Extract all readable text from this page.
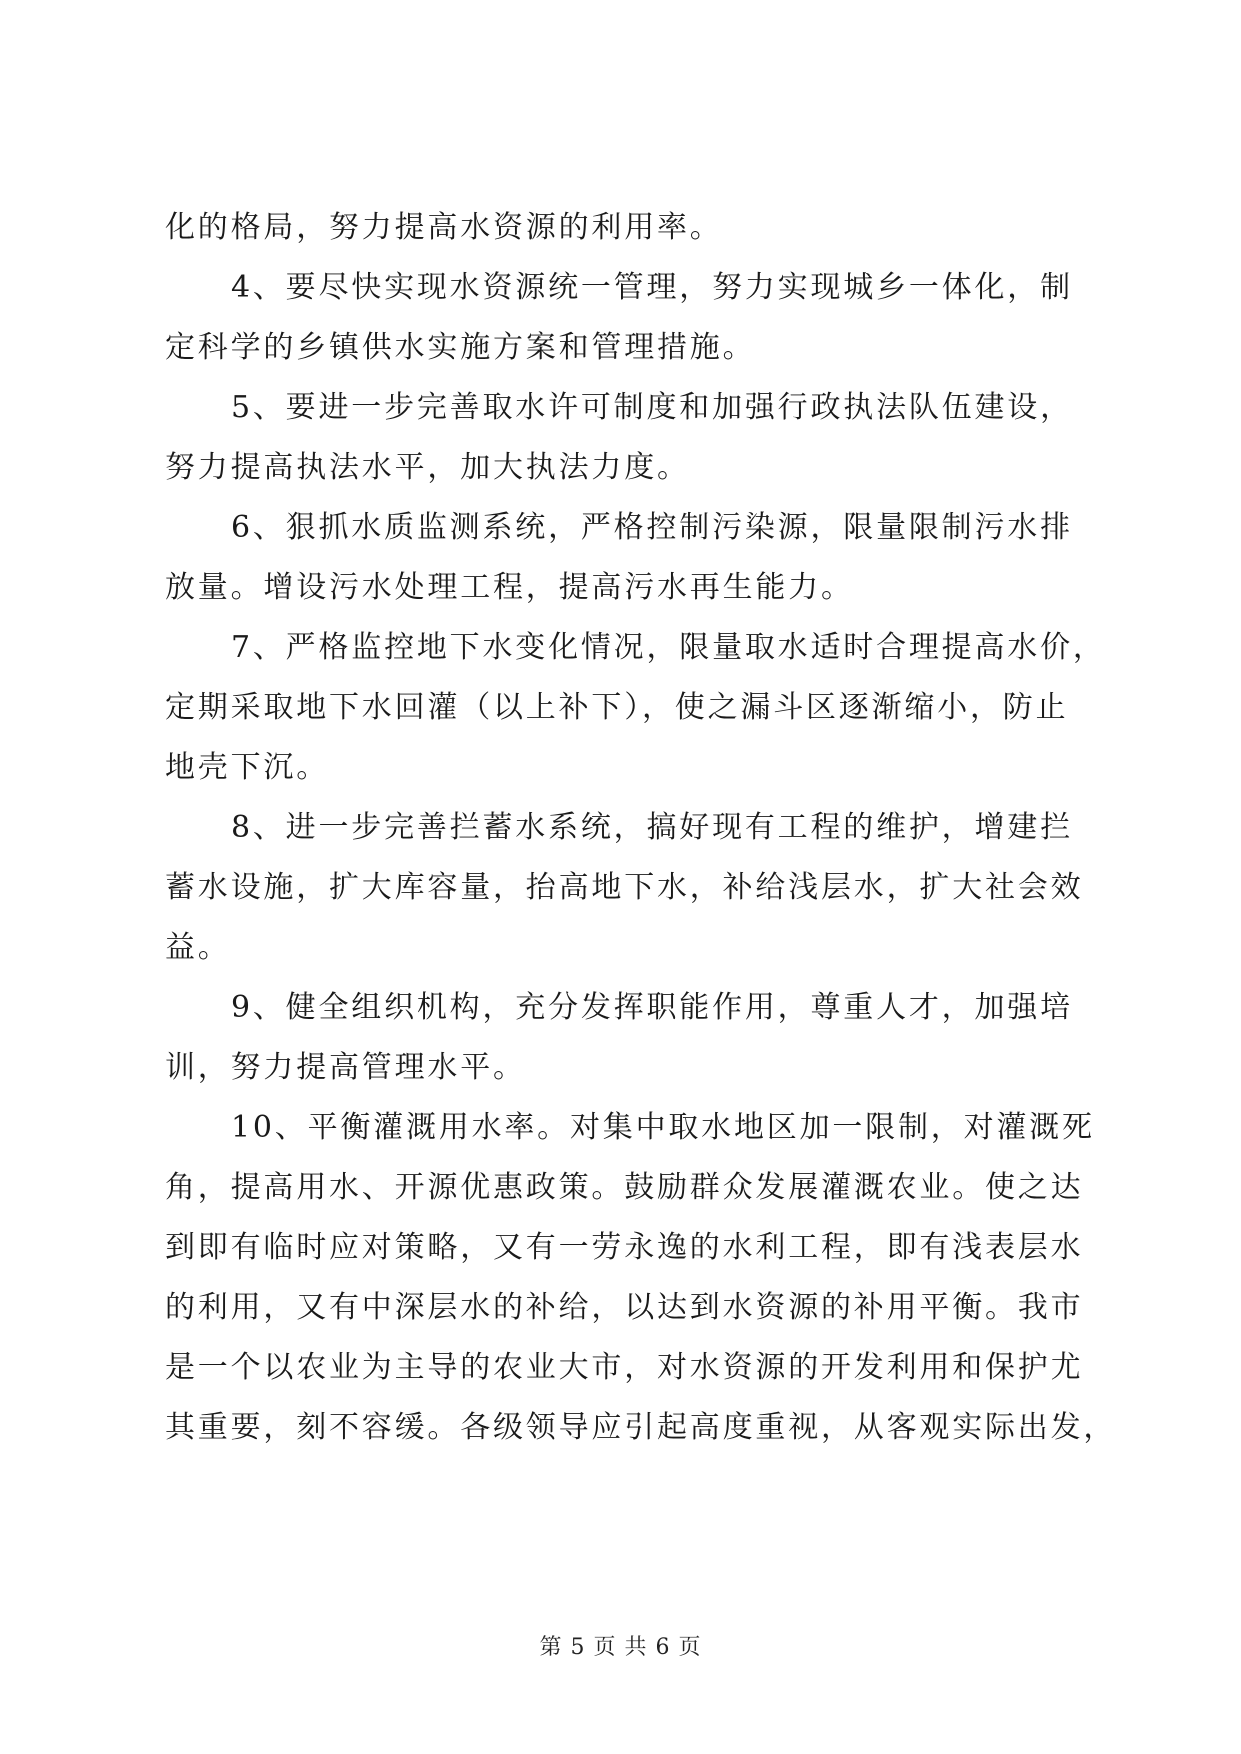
化的格局，努力提高水资源的利用率。
4、要尽快实现水资源统一管理，努力实现城乡一体化，制
定科学的乡镇供水实施方案和管理措施。
5、要进一步完善取水许可制度和加强行政执法队伍建设，
努力提高执法水平，加大执法力度。
6、狠抓水质监测系统，严格控制污染源，限量限制污水排
放量。增设污水处理工程，提高污水再生能力。
7、严格监控地下水变化情况，限量取水适时合理提高水价，
定期采取地下水回灌（以上补下），使之漏斗区逐渐缩小，防止
地壳下沉。
8、进一步完善拦蓄水系统，搞好现有工程的维护，增建拦
蓄水设施，扩大库容量，抬高地下水，补给浅层水，扩大社会效
益。
9、健全组织机构，充分发挥职能作用，尊重人才，加强培
训，努力提高管理水平。
10、平衡灌溉用水率。对集中取水地区加一限制，对灌溉死
角，提高用水、开源优惠政策。鼓励群众发展灌溉农业。使之达
到即有临时应对策略，又有一劳永逸的水利工程，即有浅表层水
的利用，又有中深层水的补给，以达到水资源的补用平衡。我市
是一个以农业为主导的农业大市，对水资源的开发利用和保护尤
其重要，刻不容缓。各级领导应引起高度重视，从客观实际出发，
第 5 页 共 6 页
